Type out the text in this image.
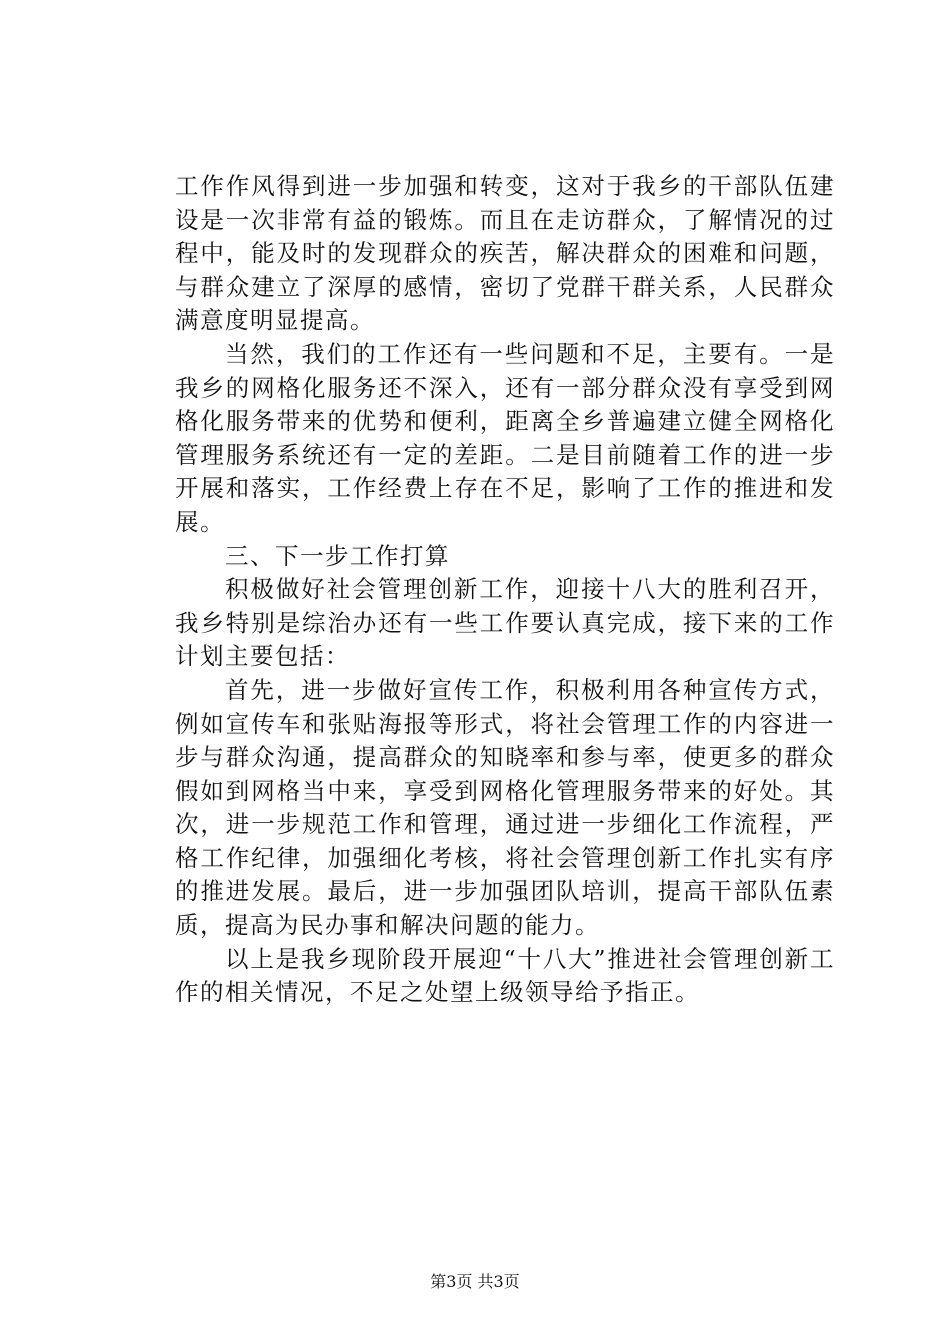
工作作风得到进一步加强和转变，这对于我乡的干部队伍建设是一次非常有益的锻炼。而且在走访群众，了解情况的过程中，能及时的发现群众的疾苦，解决群众的困难和问题，与群众建立了深厚的感情，密切了党群干群关系，人民群众满意度明显提高。

当然，我们的工作还有一些问题和不足，主要有。一是我乡的网格化服务还不深入，还有一部分群众没有享受到网格化服务带来的优势和便利，距离全乡普遍建立健全网格化管理服务系统还有一定的差距。二是目前随着工作的进一步开展和落实，工作经费上存在不足，影响了工作的推进和发展。

三、下一步工作打算

积极做好社会管理创新工作，迎接十八大的胜利召开，我乡特别是综治办还有一些工作要认真完成，接下来的工作计划主要包括：

首先，进一步做好宣传工作，积极利用各种宣传方式，例如宣传车和张贴海报等形式，将社会管理工作的内容进一步与群众沟通，提高群众的知晓率和参与率，使更多的群众假如到网格当中来，享受到网格化管理服务带来的好处。其次，进一步规范工作和管理，通过进一步细化工作流程，严格工作纪律，加强细化考核，将社会管理创新工作扎实有序的推进发展。最后，进一步加强团队培训，提高干部队伍素质，提高为民办事和解决问题的能力。

以上是我乡现阶段开展迎“十八大”推进社会管理创新工作的相关情况，不足之处望上级领导给予指正。

第3页 共3页
